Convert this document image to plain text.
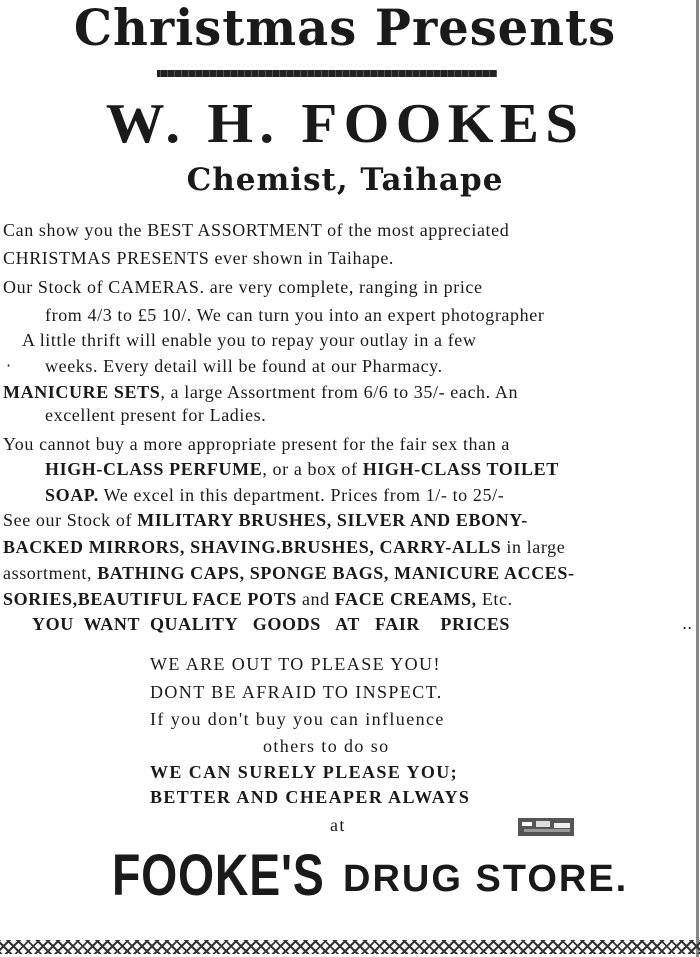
Christmas Presents
W. H. FOOKES
Chemist, Taihape
Can show you the BEST ASSORTMENT of the most appreciated
CHRISTMAS PRESENTS ever shown in Taihape.
Our Stock of CAMERAS. are very complete, ranging in price
from 4/3 to £5 10/. We can turn you into an expert photographer
·
A little thrift will enable you to repay your outlay in a few
weeks. Every detail will be found at our Pharmacy.
MANICURE SETS, a large Assortment from 6/6 to 35/- each. An
excellent present for Ladies.
You cannot buy a more appropriate present for the fair sex than a
HIGH-CLASS PERFUME, or a box of HIGH-CLASS TOILET
SOAP. We excel in this department. Prices from 1/- to 25/-
See our Stock of MILITARY BRUSHES, SILVER AND EBONY-
BACKED MIRRORS, SHAVING.BRUSHES, CARRY-ALLS in large
assortment, BATHING CAPS, SPONGE BAGS, MANICURE ACCES-
SORIES,BEAUTIFUL FACE POTS and FACE CREAMS, Etc.
YOU  WANT  QUALITY   GOODS   AT   FAIR    PRICES	..
WE ARE OUT TO PLEASE YOU!
DONT BE AFRAID TO INSPECT.
If you don't buy you can influence
others to do so
WE CAN SURELY PLEASE YOU;
BETTER AND CHEAPER ALWAYS
at
FOOKE'S DRUG STORE.
